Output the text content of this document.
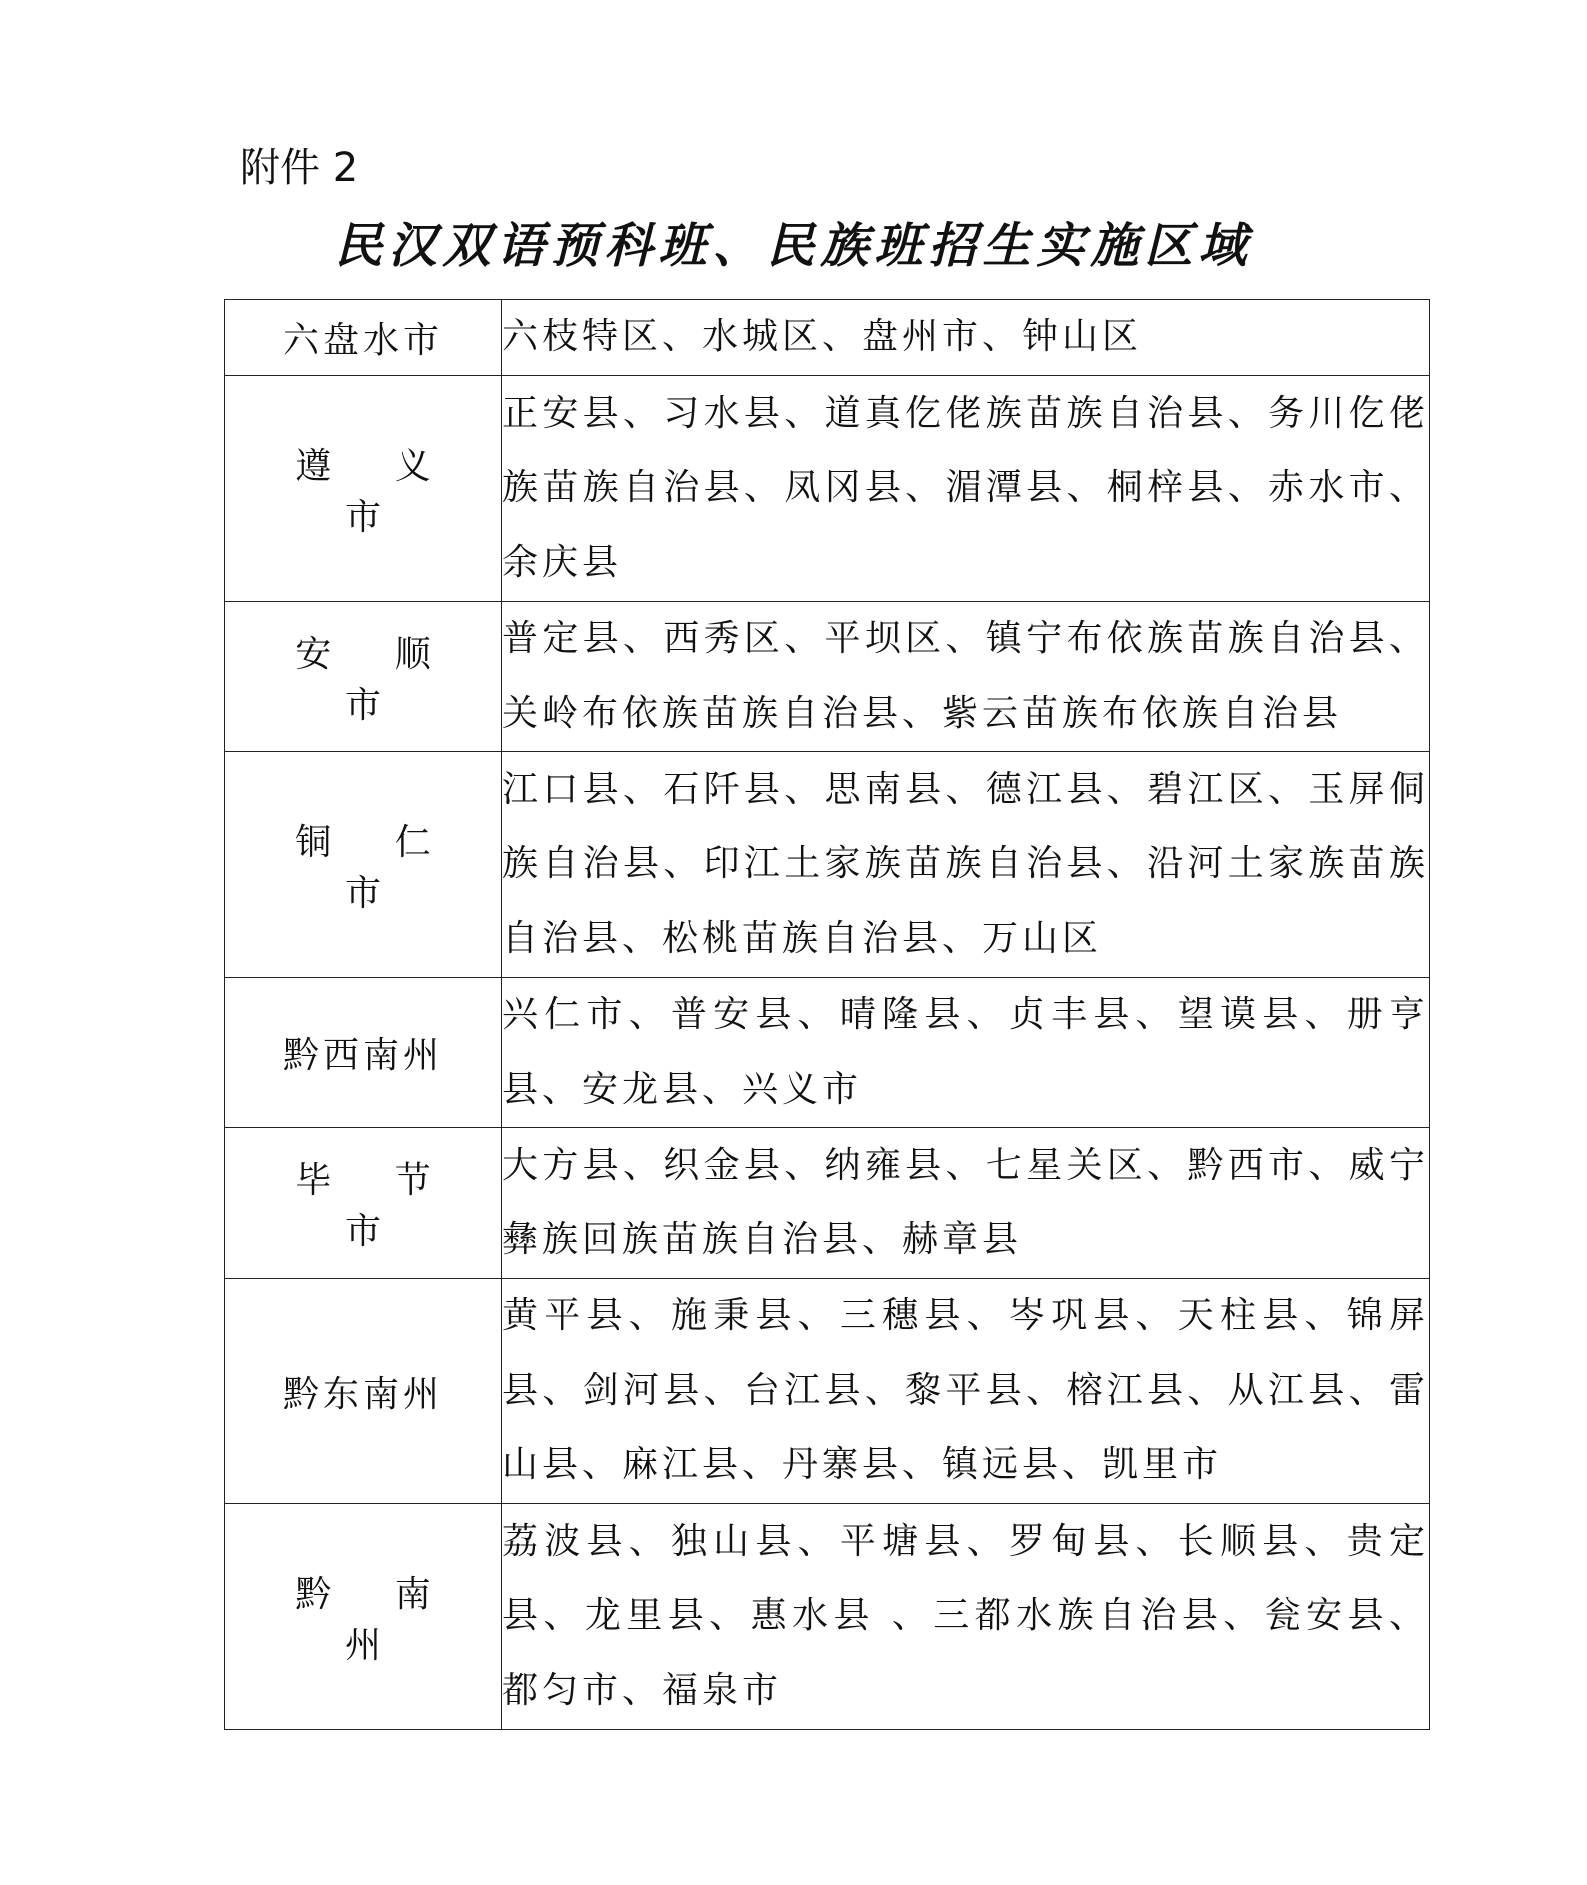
附件 2
民汉双语预科班、民族班招生实施区域
六盘水市	六枝特区、水城区、盘州市、钟山区
遵 义 市	正安县、习水县、道真仡佬族苗族自治县、务川仡佬族苗族自治县、凤冈县、湄潭县、桐梓县、赤水市、余庆县
安 顺 市	普定县、西秀区、平坝区、镇宁布依族苗族自治县、关岭布依族苗族自治县、紫云苗族布依族自治县
铜 仁 市	江口县、石阡县、思南县、德江县、碧江区、玉屏侗族自治县、印江土家族苗族自治县、沿河土家族苗族自治县、松桃苗族自治县、万山区
黔西南州	兴仁市、普安县、晴隆县、贞丰县、望谟县、册亨县、安龙县、兴义市
毕 节 市	大方县、织金县、纳雍县、七星关区、黔西市、威宁彝族回族苗族自治县、赫章县
黔东南州	黄平县、施秉县、三穗县、岑巩县、天柱县、锦屏县、剑河县、台江县、黎平县、榕江县、从江县、雷山县、麻江县、丹寨县、镇远县、凯里市
黔 南 州	荔波县、独山县、平塘县、罗甸县、长顺县、贵定县、龙里县、惠水县 、三都水族自治县、瓮安县、都匀市、福泉市
